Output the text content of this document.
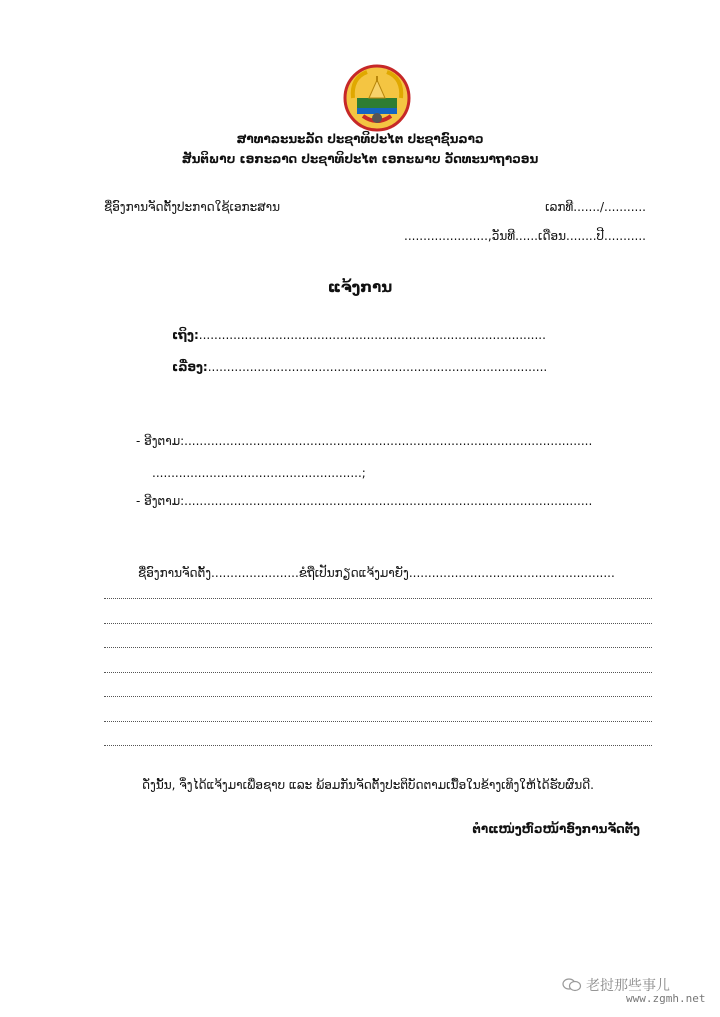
ສາທາລະນະລັດ ປະຊາທິປະໄຕ ປະຊາຊົນລາວ
ສັນຕິພາບ ເອກະລາດ ປະຊາທິປະໄຕ ເອກະພາບ ວັດທະນາຖາວອນ
ຊື່ອົງການຈັດຕັ້ງປະກາດໃຊ້ເອກະສານ	ເລກທີ......./...........
......................,ວັນທີ......ເດືອນ........ປີ...........
ແຈ້ງການ
ເຖິງ:...........................................................................................
ເລື່ອງ:.........................................................................................
- ອີງຕາມ:...........................................................................................................
.......................................................;
- ອີງຕາມ:...........................................................................................................
ຊື່ອົງການຈັດຕັ້ງ.......................ຂໍຖືເປັນກຽດແຈ້ງມາຍັງ......................................................
ດັ່ງນັ້ນ, ຈຶ່ງໄດ້ແຈ້ງມາເພື່ອຊາບ ແລະ ພ້ອມກັນຈັດຕັ້ງປະຕິບັດຕາມເນື້ອໃນຂ້າງເທິງໃຫ້ໄດ້ຮັບຜົນດີ.
ຕຳແໜ່ງຫົວໜ້າອົງການຈັດຕັ້ງ
老挝那些事儿
www.zgmh.net
